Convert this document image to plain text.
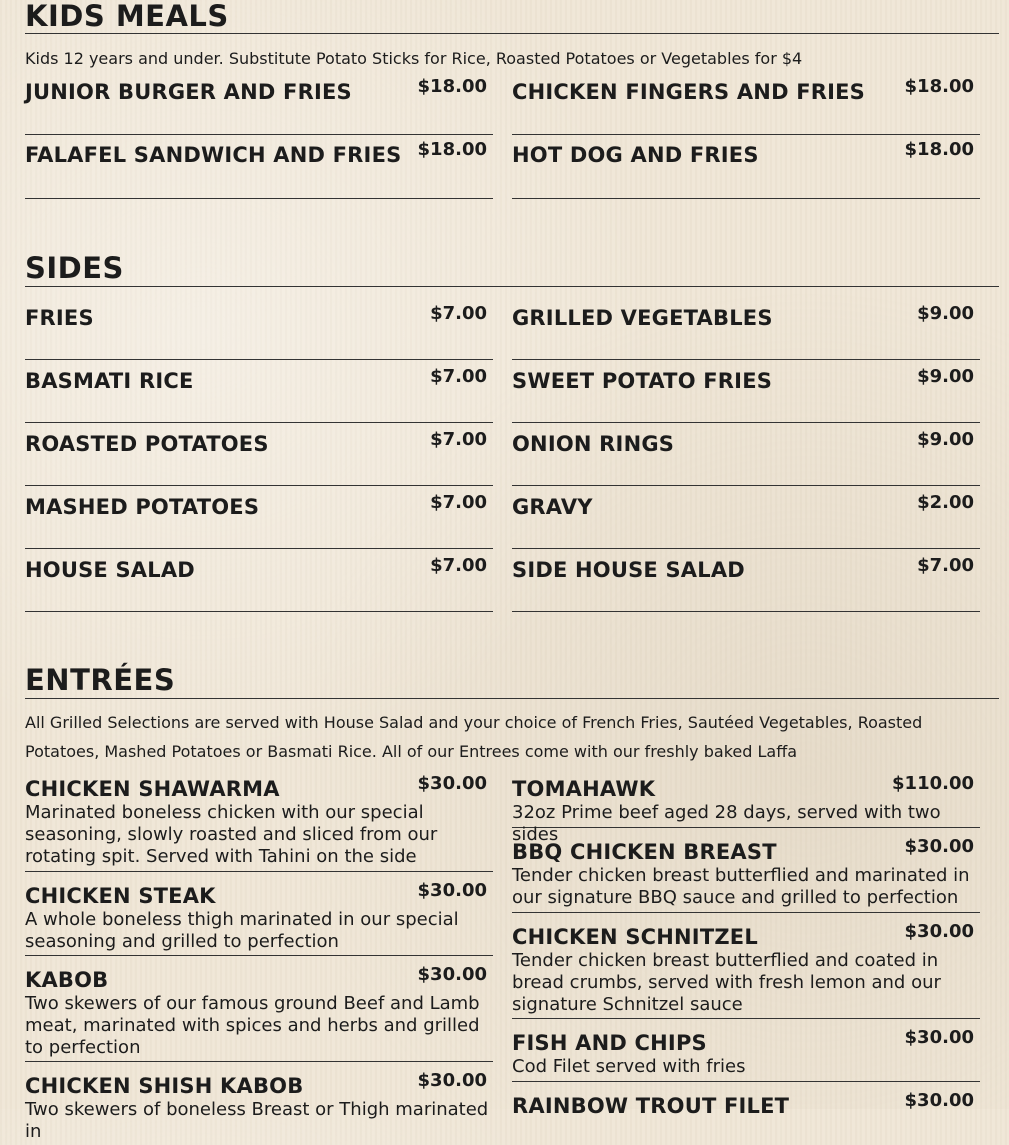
KIDS MEALS
Kids 12 years and under. Substitute Potato Sticks for Rice, Roasted Potatoes or Vegetables for $4
JUNIOR BURGER AND FRIES	$18.00 CHICKEN FINGERS AND FRIES	$18.00
FALAFEL SANDWICH AND FRIES $18.00 HOT DOG AND FRIES	$18.00
SIDES
FRIES	$7.00 GRILLED VEGETABLES	$9.00
BASMATI RICE	$7.00 SWEET POTATO FRIES	$9.00
ROASTED POTATOES	$7.00 ONION RINGS	$9.00
MASHED POTATOES	$7.00 GRAVY	$2.00
HOUSE SALAD	$7.00 SIDE HOUSE SALAD	$7.00
ENTRÉES
All Grilled Selections are served with House Salad and your choice of French Fries, Sautéed Vegetables, Roasted Potatoes, Mashed Potatoes or Basmati Rice. All of our Entrees come with our freshly baked Laffa
CHICKEN SHAWARMA	$30.00
Marinated boneless chicken with our special seasoning, slowly roasted and sliced from our rotating spit. Served with Tahini on the side
CHICKEN STEAK	$30.00
A whole boneless thigh marinated in our special seasoning and grilled to perfection
KABOB	$30.00
Two skewers of our famous ground Beef and Lamb meat, marinated with spices and herbs and grilled to perfection
CHICKEN SHISH KABOB	$30.00
Two skewers of boneless Breast or Thigh marinated in
TOMAHAWK	$110.00
32oz Prime beef aged 28 days, served with two sides
BBQ CHICKEN BREAST	$30.00
Tender chicken breast butterflied and marinated in our signature BBQ sauce and grilled to perfection
CHICKEN SCHNITZEL	$30.00
Tender chicken breast butterflied and coated in bread crumbs, served with fresh lemon and our signature Schnitzel sauce
FISH AND CHIPS	$30.00
Cod Filet served with fries
RAINBOW TROUT FILET	$30.00
